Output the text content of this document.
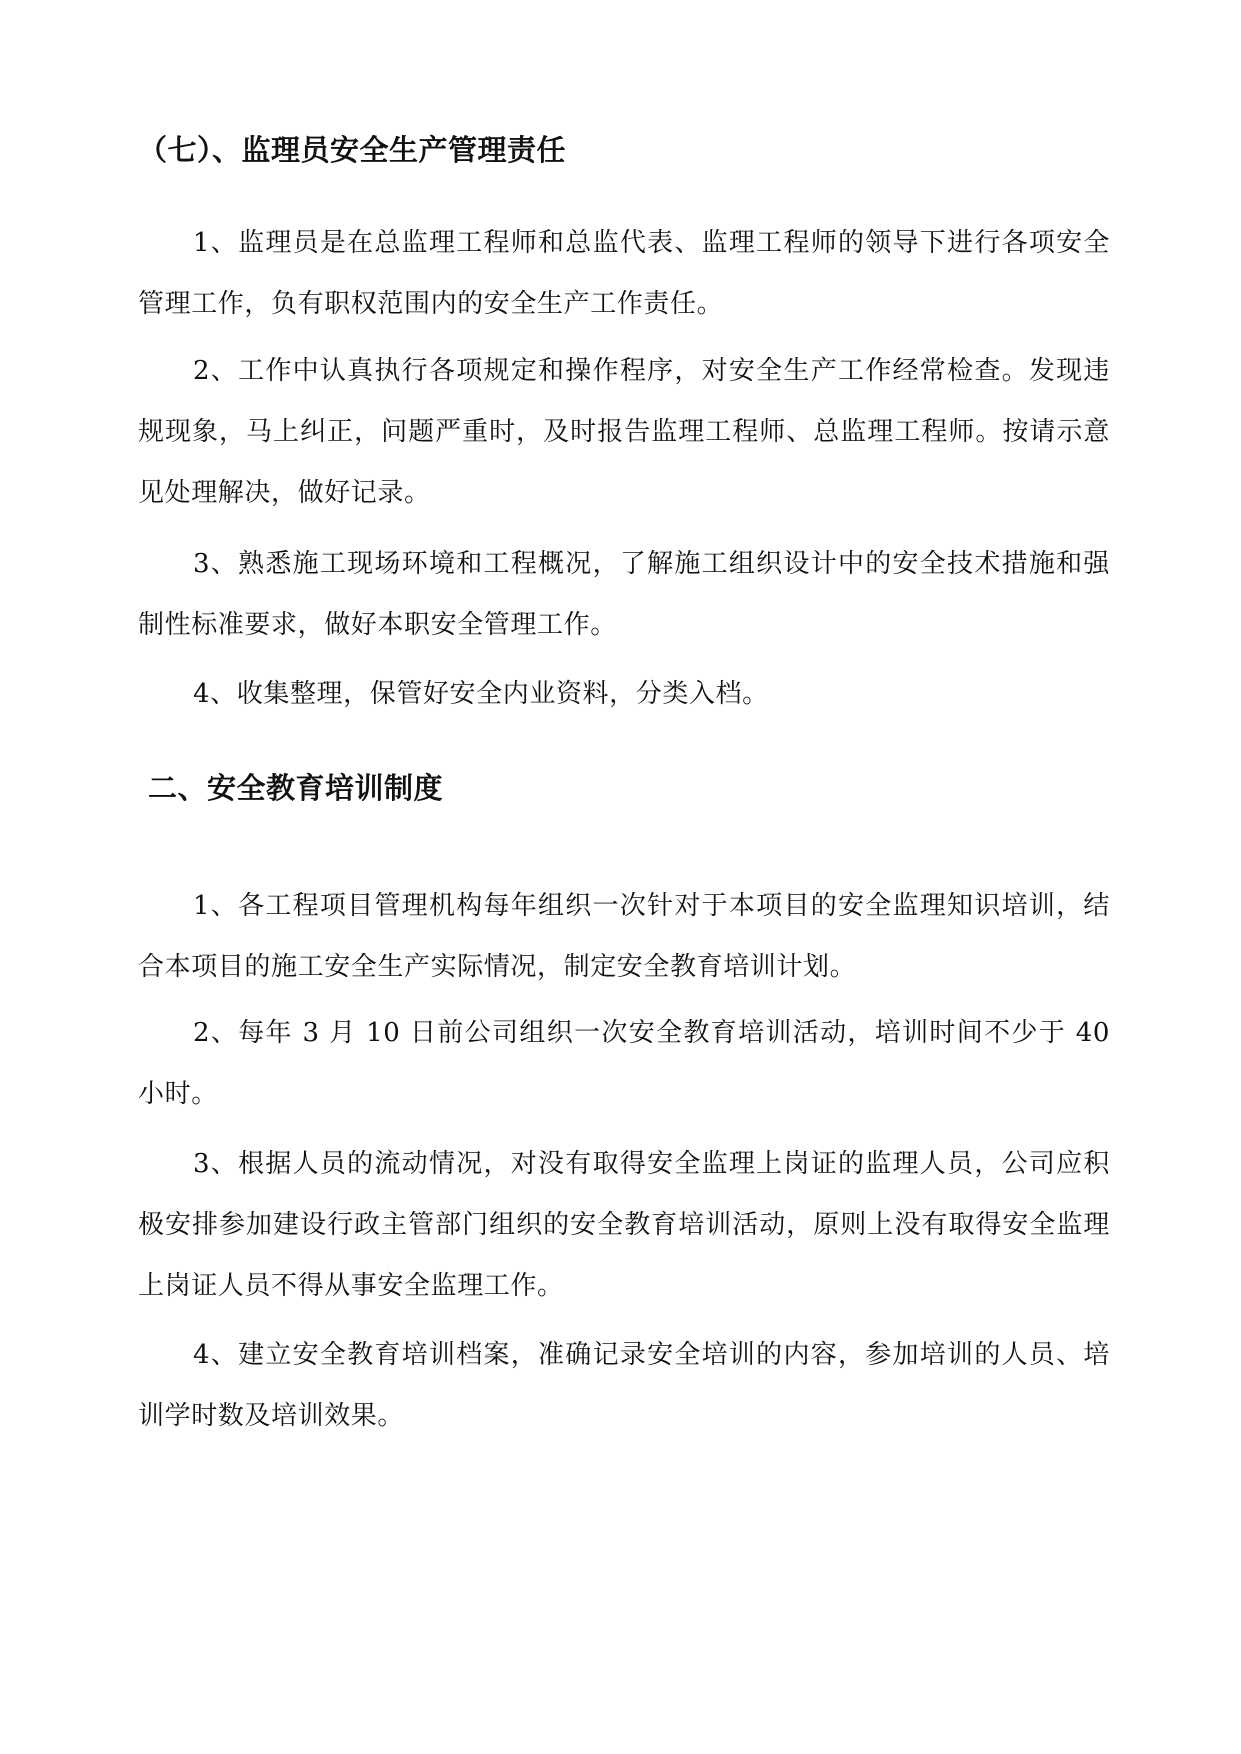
（七）、监理员安全生产管理责任

1、监理员是在总监理工程师和总监代表、监理工程师的领导下进行各项安全管理工作，负有职权范围内的安全生产工作责任。

2、工作中认真执行各项规定和操作程序，对安全生产工作经常检查。发现违规现象，马上纠正，问题严重时，及时报告监理工程师、总监理工程师。按请示意见处理解决，做好记录。

3、熟悉施工现场环境和工程概况，了解施工组织设计中的安全技术措施和强制性标准要求，做好本职安全管理工作。

4、收集整理，保管好安全内业资料，分类入档。

二、安全教育培训制度

1、各工程项目管理机构每年组织一次针对于本项目的安全监理知识培训，结合本项目的施工安全生产实际情况，制定安全教育培训计划。

2、每年 3 月 10 日前公司组织一次安全教育培训活动，培训时间不少于 40 小时。

3、根据人员的流动情况，对没有取得安全监理上岗证的监理人员，公司应积极安排参加建设行政主管部门组织的安全教育培训活动，原则上没有取得安全监理上岗证人员不得从事安全监理工作。

4、建立安全教育培训档案，准确记录安全培训的内容，参加培训的人员、培训学时数及培训效果。
